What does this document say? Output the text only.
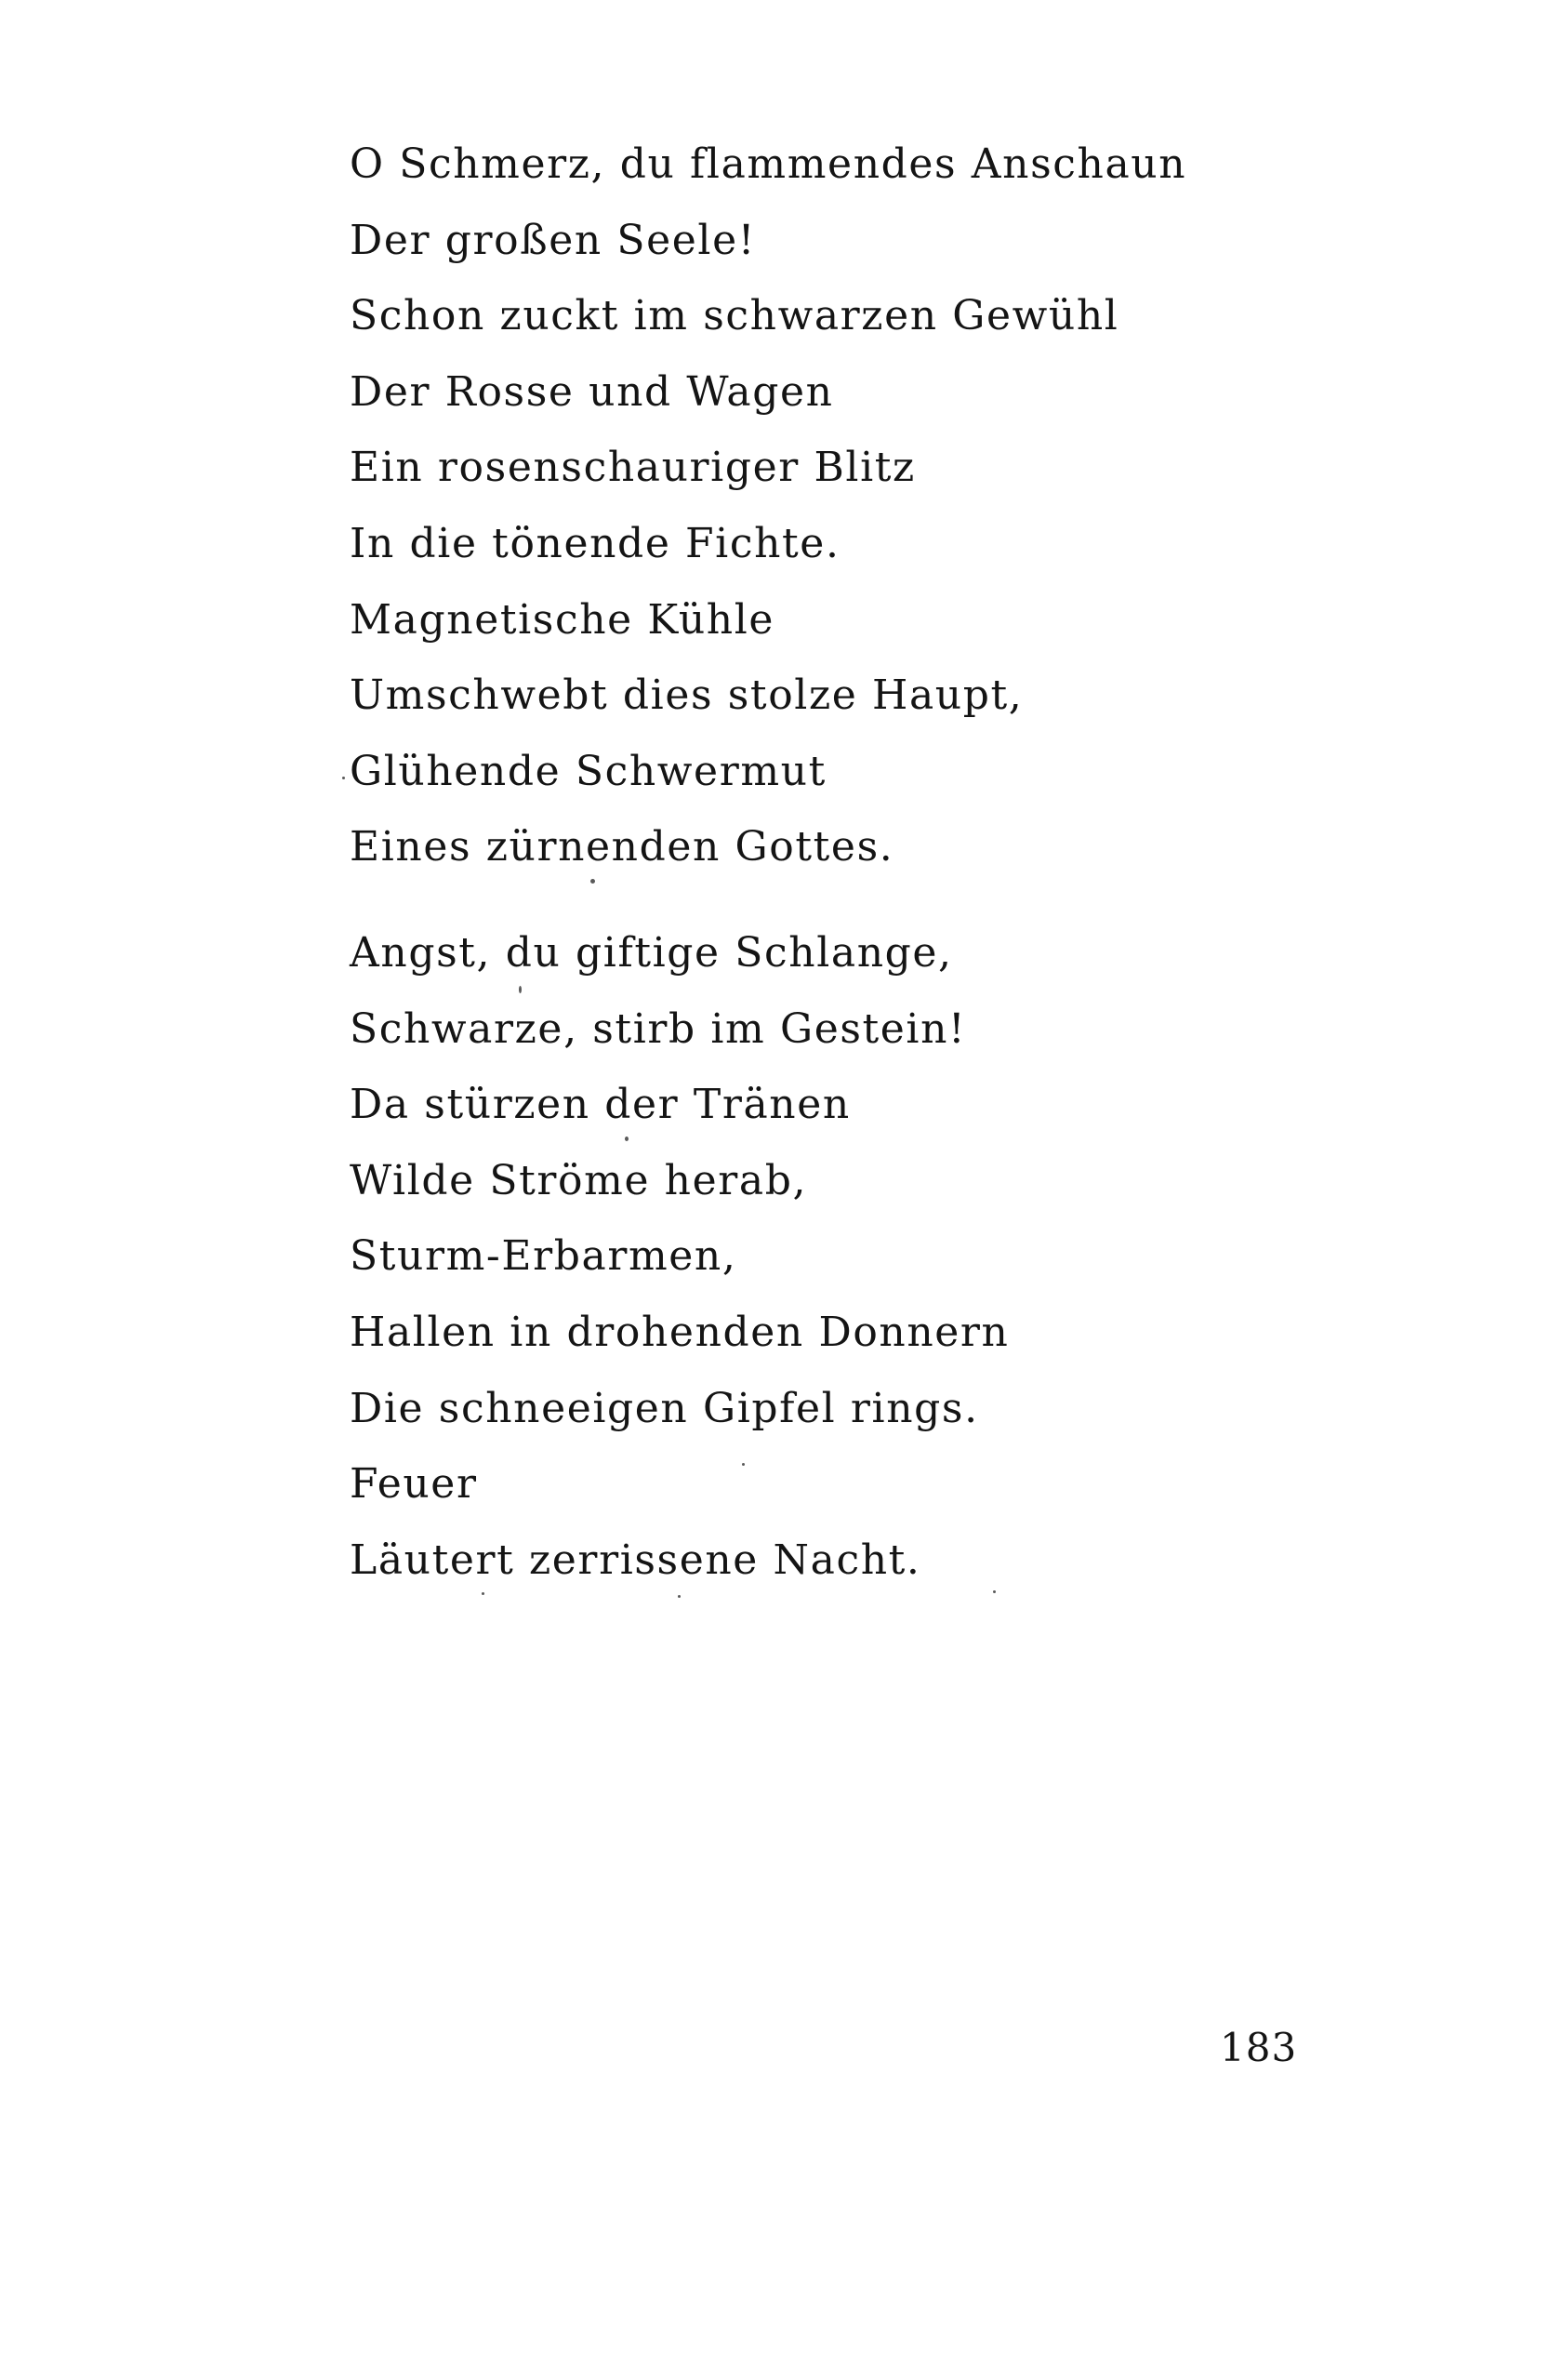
O Schmerz, du flammendes Anschaun
Der großen Seele!
Schon zuckt im schwarzen Gewühl
Der Rosse und Wagen
Ein rosenschauriger Blitz
In die tönende Fichte.
Magnetische Kühle
Umschwebt dies stolze Haupt,
Glühende Schwermut
Eines zürnenden Gottes.
Angst, du giftige Schlange,
Schwarze, stirb im Gestein!
Da stürzen der Tränen
Wilde Ströme herab,
Sturm-Erbarmen,
Hallen in drohenden Donnern
Die schneeigen Gipfel rings.
Feuer
Läutert zerrissene Nacht.
183
